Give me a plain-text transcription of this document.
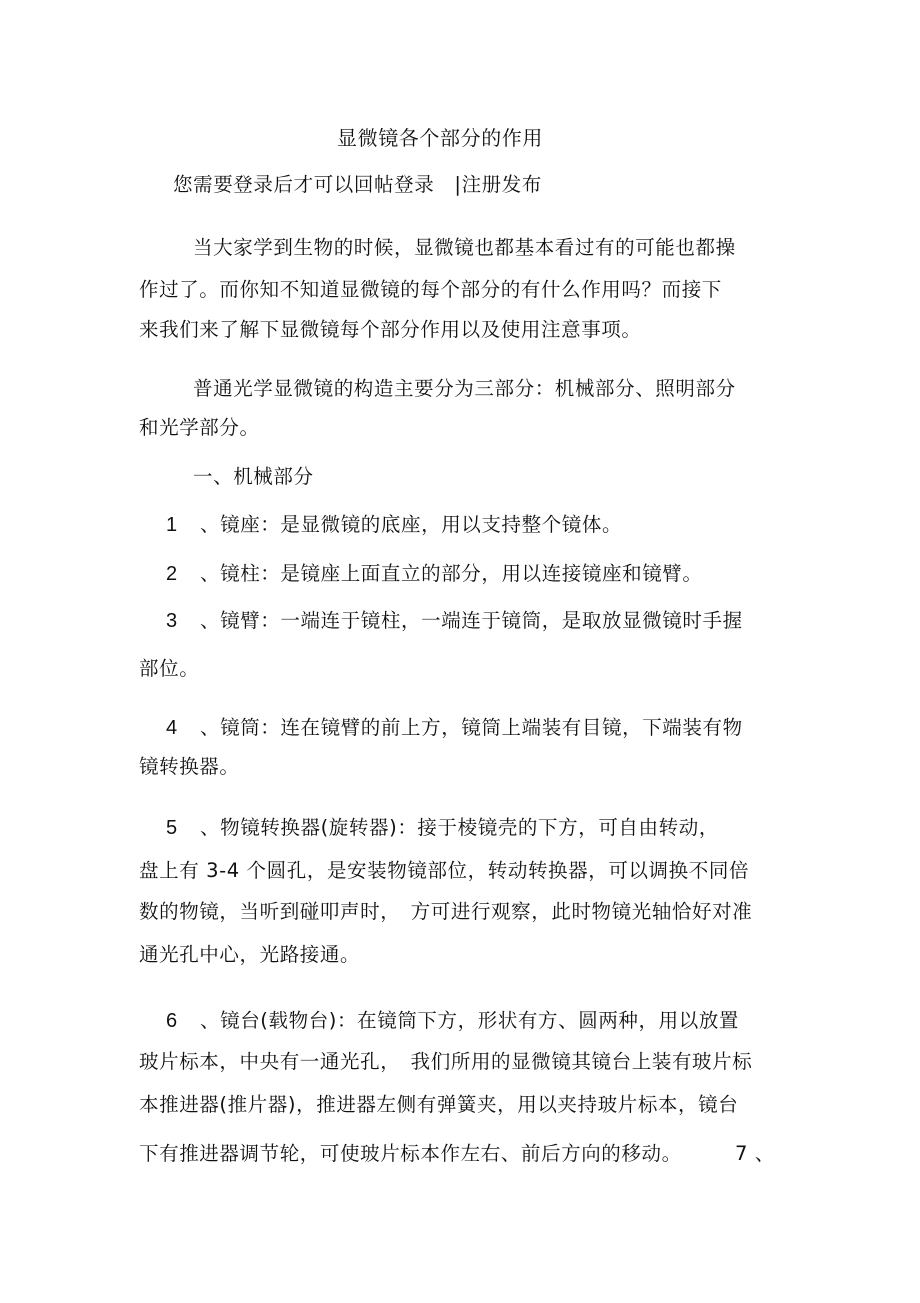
显微镜各个部分的作用
您需要登录后才可以回帖登录　|注册发布
当大家学到生物的时候，显微镜也都基本看过有的可能也都操
作过了。而你知不知道显微镜的每个部分的有什么作用吗？而接下
来我们来了解下显微镜每个部分作用以及使用注意事项。
普通光学显微镜的构造主要分为三部分：机械部分、照明部分
和光学部分。
一、机械部分
1 、镜座：是显微镜的底座，用以支持整个镜体。
2 、镜柱：是镜座上面直立的部分，用以连接镜座和镜臂。
3 、镜臂：一端连于镜柱，一端连于镜筒，是取放显微镜时手握
部位。
4 、镜筒：连在镜臂的前上方，镜筒上端装有目镜，下端装有物
镜转换器。
5 、物镜转换器(旋转器)：接于棱镜壳的下方，可自由转动，
盘上有 3-4 个圆孔，是安装物镜部位，转动转换器，可以调换不同倍
数的物镜，当听到碰叩声时，　方可进行观察，此时物镜光轴恰好对准
通光孔中心，光路接通。
6 、镜台(载物台)：在镜筒下方，形状有方、圆两种，用以放置
玻片标本，中央有一通光孔，　我们所用的显微镜其镜台上装有玻片标
本推进器(推片器)，推进器左侧有弹簧夹，用以夹持玻片标本，镜台
下有推进器调节轮，可使玻片标本作左右、前后方向的移动。	7 、
